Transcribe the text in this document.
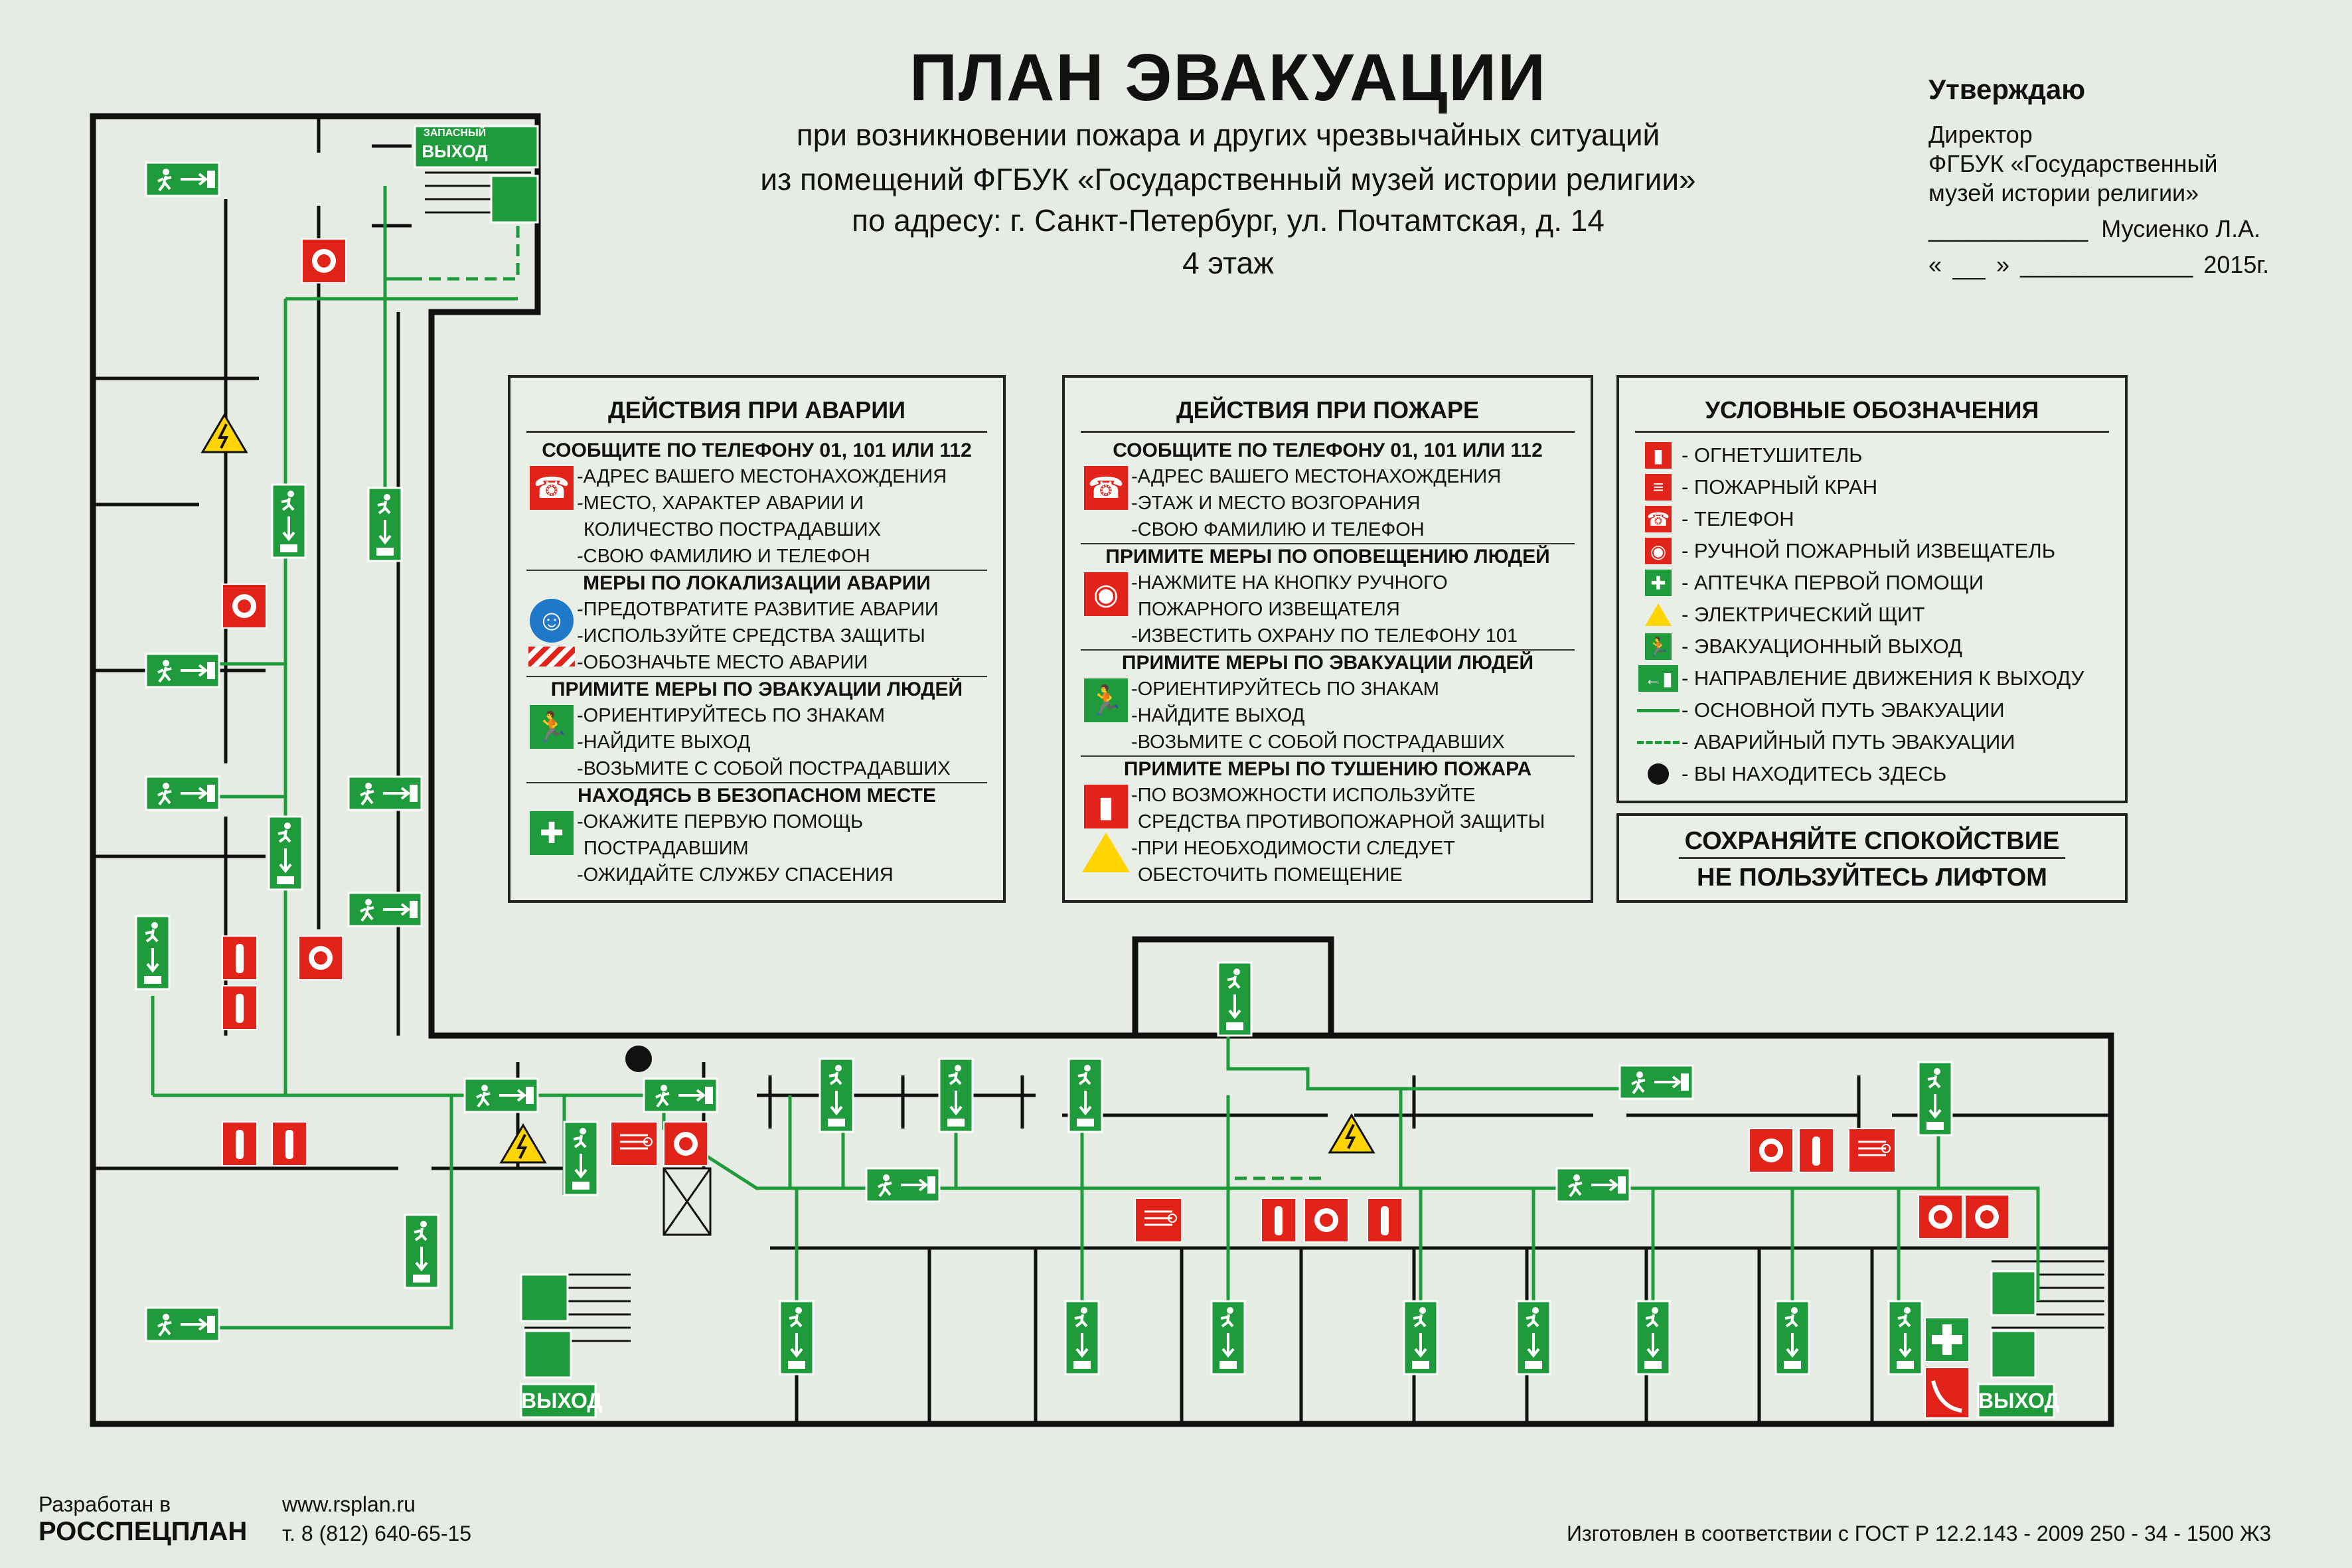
ЗАПАСНЫЙ
ВЫХОД
ВЫХОД	ВЫХОД
ПЛАН ЭВАКУАЦИИ
при возникновении пожара и других чрезвычайных ситуаций
из помещений ФГБУК «Государственный музей истории религии»
по адресу: г. Санкт-Петербург, ул. Почтамтская, д. 14
4 этаж
Утверждаю
Директор
ФГБУК «Государственный
музей истории религии»
____________ Мусиенко Л.А.
« » _____________ 2015г.
ДЕЙСТВИЯ ПРИ АВАРИИ
СООБЩИТЕ ПО ТЕЛЕФОНУ 01, 101 ИЛИ 112
☎ -АДРЕС ВАШЕГО МЕСТОНАХОЖДЕНИЯ
-МЕСТО, ХАРАКТЕР АВАРИИ И
КОЛИЧЕСТВО ПОСТРАДАВШИХ
-СВОЮ ФАМИЛИЮ И ТЕЛЕФОН
МЕРЫ ПО ЛОКАЛИЗАЦИИ АВАРИИ
☺ -ПРЕДОТВРАТИТЕ РАЗВИТИЕ АВАРИИ
-ИСПОЛЬЗУЙТЕ СРЕДСТВА ЗАЩИТЫ
-ОБОЗНАЧЬТЕ МЕСТО АВАРИИ
ПРИМИТЕ МЕРЫ ПО ЭВАКУАЦИИ ЛЮДЕЙ
🏃 -ОРИЕНТИРУЙТЕСЬ ПО ЗНАКАМ
-НАЙДИТЕ ВЫХОД
-ВОЗЬМИТЕ С СОБОЙ ПОСТРАДАВШИХ
НАХОДЯСЬ В БЕЗОПАСНОМ МЕСТЕ
✚ -ОКАЖИТЕ ПЕРВУЮ ПОМОЩЬ
ПОСТРАДАВШИМ
-ОЖИДАЙТЕ СЛУЖБУ СПАСЕНИЯ
ДЕЙСТВИЯ ПРИ ПОЖАРЕ
СООБЩИТЕ ПО ТЕЛЕФОНУ 01, 101 ИЛИ 112
☎ -АДРЕС ВАШЕГО МЕСТОНАХОЖДЕНИЯ
-ЭТАЖ И МЕСТО ВОЗГОРАНИЯ
-СВОЮ ФАМИЛИЮ И ТЕЛЕФОН
ПРИМИТЕ МЕРЫ ПО ОПОВЕЩЕНИЮ ЛЮДЕЙ
◉ -НАЖМИТЕ НА КНОПКУ РУЧНОГО
ПОЖАРНОГО ИЗВЕЩАТЕЛЯ
-ИЗВЕСТИТЬ ОХРАНУ ПО ТЕЛЕФОНУ 101
ПРИМИТЕ МЕРЫ ПО ЭВАКУАЦИИ ЛЮДЕЙ
🏃 -ОРИЕНТИРУЙТЕСЬ ПО ЗНАКАМ
-НАЙДИТЕ ВЫХОД
-ВОЗЬМИТЕ С СОБОЙ ПОСТРАДАВШИХ
ПРИМИТЕ МЕРЫ ПО ТУШЕНИЮ ПОЖАРА
▮ -ПО ВОЗМОЖНОСТИ ИСПОЛЬЗУЙТЕ
СРЕДСТВА ПРОТИВОПОЖАРНОЙ ЗАЩИТЫ
-ПРИ НЕОБХОДИМОСТИ СЛЕДУЕТ
ОБЕСТОЧИТЬ ПОМЕЩЕНИЕ
УСЛОВНЫЕ ОБОЗНАЧЕНИЯ
▮ - ОГНЕТУШИТЕЛЬ
≡ - ПОЖАРНЫЙ КРАН
☎ - ТЕЛЕФОН
◉ - РУЧНОЙ ПОЖАРНЫЙ ИЗВЕЩАТЕЛЬ
✚ - АПТЕЧКА ПЕРВОЙ ПОМОЩИ
- ЭЛЕКТРИЧЕСКИЙ ЩИТ
🏃 - ЭВАКУАЦИОННЫЙ ВЫХОД
←▮ - НАПРАВЛЕНИЕ ДВИЖЕНИЯ К ВЫХОДУ
- ОСНОВНОЙ ПУТЬ ЭВАКУАЦИИ
- АВАРИЙНЫЙ ПУТЬ ЭВАКУАЦИИ
- ВЫ НАХОДИТЕСЬ ЗДЕСЬ
СОХРАНЯЙТЕ СПОКОЙСТВИЕ
НЕ ПОЛЬЗУЙТЕСЬ ЛИФТОМ
Разработан в
РОССПЕЦПЛАН
www.rsplan.ru
т. 8 (812) 640-65-15	Изготовлен в соответствии с ГОСТ Р 12.2.143 - 2009 250 - 34 - 1500 Ж3
